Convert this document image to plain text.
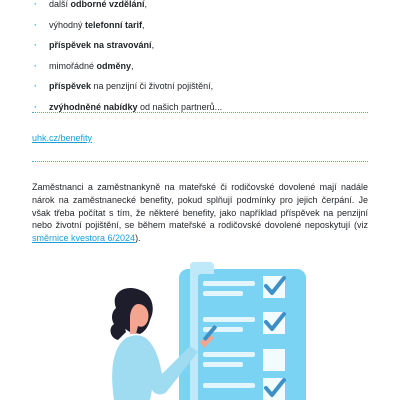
· další odborné vzdělání,
· výhodný telefonní tarif,
· příspěvek na stravování,
· mimořádné odměny,
· příspěvek na penzijní či životní pojištění,
· zvýhodněné nabídky od našich partnerů...
uhk.cz/benefity

Zaměstnanci a zaměstnankyně na mateřské či rodičovské dovolené mají nadále nárok na zaměstnanecké benefity, pokud splňují podmínky pro jejich čerpání. Je však třeba počítat s tím, že některé benefity, jako například příspěvek na penzijní nebo životní pojištění, se během mateřské a rodičovské dovolené neposkytují (viz směrnice kvestora 6/2024).
